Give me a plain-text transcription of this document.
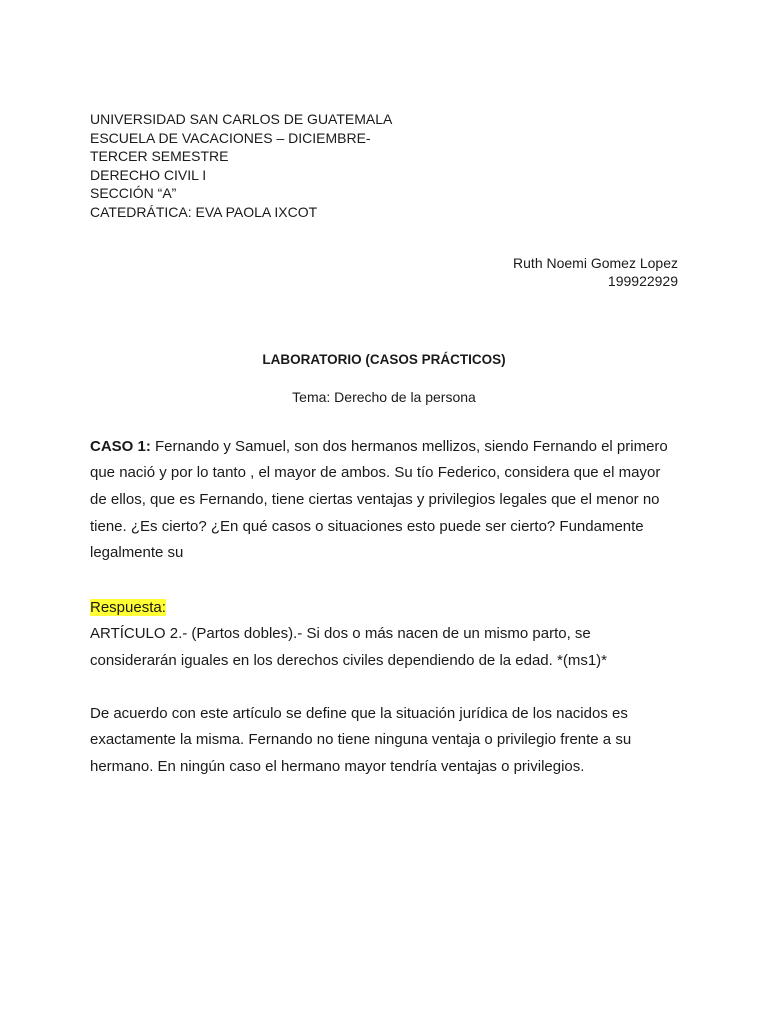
UNIVERSIDAD SAN CARLOS DE GUATEMALA
ESCUELA DE VACACIONES – DICIEMBRE-
TERCER SEMESTRE
DERECHO CIVIL I
SECCIÓN “A”
CATEDRÁTICA: EVA PAOLA IXCOT
Ruth Noemi Gomez Lopez
199922929
LABORATORIO (CASOS PRÁCTICOS)
Tema: Derecho de la persona
CASO 1: Fernando y Samuel, son dos hermanos mellizos, siendo Fernando el primero que nació y por lo tanto , el mayor de ambos. Su tío Federico, considera que el mayor de ellos, que es Fernando, tiene ciertas ventajas y privilegios legales que el menor no tiene. ¿Es cierto? ¿En qué casos o situaciones esto puede ser cierto? Fundamente legalmente su
Respuesta:
ARTÍCULO 2.- (Partos dobles).- Si dos o más nacen de un mismo parto, se considerarán iguales en los derechos civiles dependiendo de la edad. *(ms1)*
De acuerdo con este artículo se define que la situación jurídica de los nacidos es exactamente la misma. Fernando no tiene ninguna ventaja o privilegio frente a su hermano. En ningún caso el hermano mayor tendría ventajas o privilegios.
